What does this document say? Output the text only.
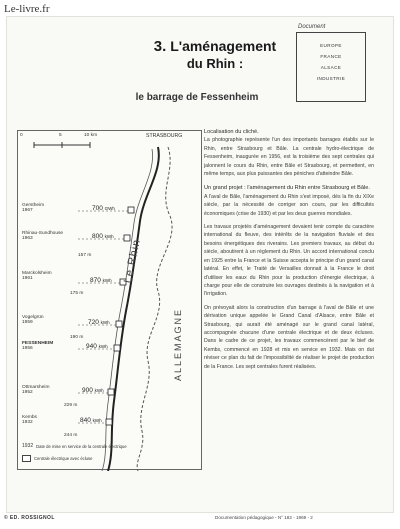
Le-livre.fr
3. L'aménagement
du Rhin :
le barrage de Fessenheim
Document
EUROPE
FRANCE
ALSACE
INDUSTRIE
0	5	10 km	STRASBOURG
Le Rhin
ALLEMAGNE
Gerstheim
1967	700 GWh
Rhinau-Sundhouse
1963	800 kWh
157 m
Marckolsheim
1961	870 kWh
175 m
Vogelgrün
1959	720 kWh
190 m
FESSENHEIM
1956	940 kWh
Ottmarsheim
1952	900 kWh
229 m
Kembs
1932	840 kWh
244 m
1932 Date de mise en service de la centrale électrique
Centrale électrique avec écluse
Localisation du cliché.

La photographie représente l'un des importants barrages établis sur le Rhin, entre Strasbourg et Bâle. La centrale hydro-électrique de Fessenheim, inaugurée en 1956, est la troisième des sept centrales qui jalonnent le cours du Rhin, entre Bâle et Strasbourg, et permettent, en même temps, aux plus puissantes des péniches d'atteindre Bâle.

Un grand projet : l'aménagement du Rhin entre Strasbourg et Bâle.

A l'aval de Bâle, l'aménagement du Rhin s'est imposé, dès la fin du XIXe siècle, par la nécessité de corriger son cours, par les difficultés économiques (crise de 1930) et par les deux guerres mondiales.

Les travaux projetés d'aménagement devaient tenir compte du caractère international du fleuve, des intérêts de la navigation fluviale et des besoins énergétiques des riverains. Les premiers travaux, au début du siècle, aboutirent à un règlement du Rhin. Un accord international conclu en 1925 entre la France et la Suisse accepta le principe d'un grand canal latéral. En effet, le Traité de Versailles donnait à la France le droit d'utiliser les eaux du Rhin pour la production d'énergie électrique, à charge pour elle de construire les ouvrages destinés à la navigation et à l'irrigation.

On prévoyait alors la construction d'un barrage à l'aval de Bâle et une dérivation unique appelée le Grand Canal d'Alsace, entre Bâle et Strasbourg, qui aurait été aménagé sur le grand canal latéral, accompagnée chacune d'une centrale électrique et de deux écluses. Dans le cadre de ce projet, les travaux commencèrent par le bief de Kembs, commencé en 1928 et mis en service en 1932. Mais on dut réviser ce plan du fait de l'impossibilité de réaliser le projet de production de la France. Les sept centrales furent réalisées.

© ED. ROSSIGNOL	Documentation pédagogique - N° 182 - 1969 - 2
